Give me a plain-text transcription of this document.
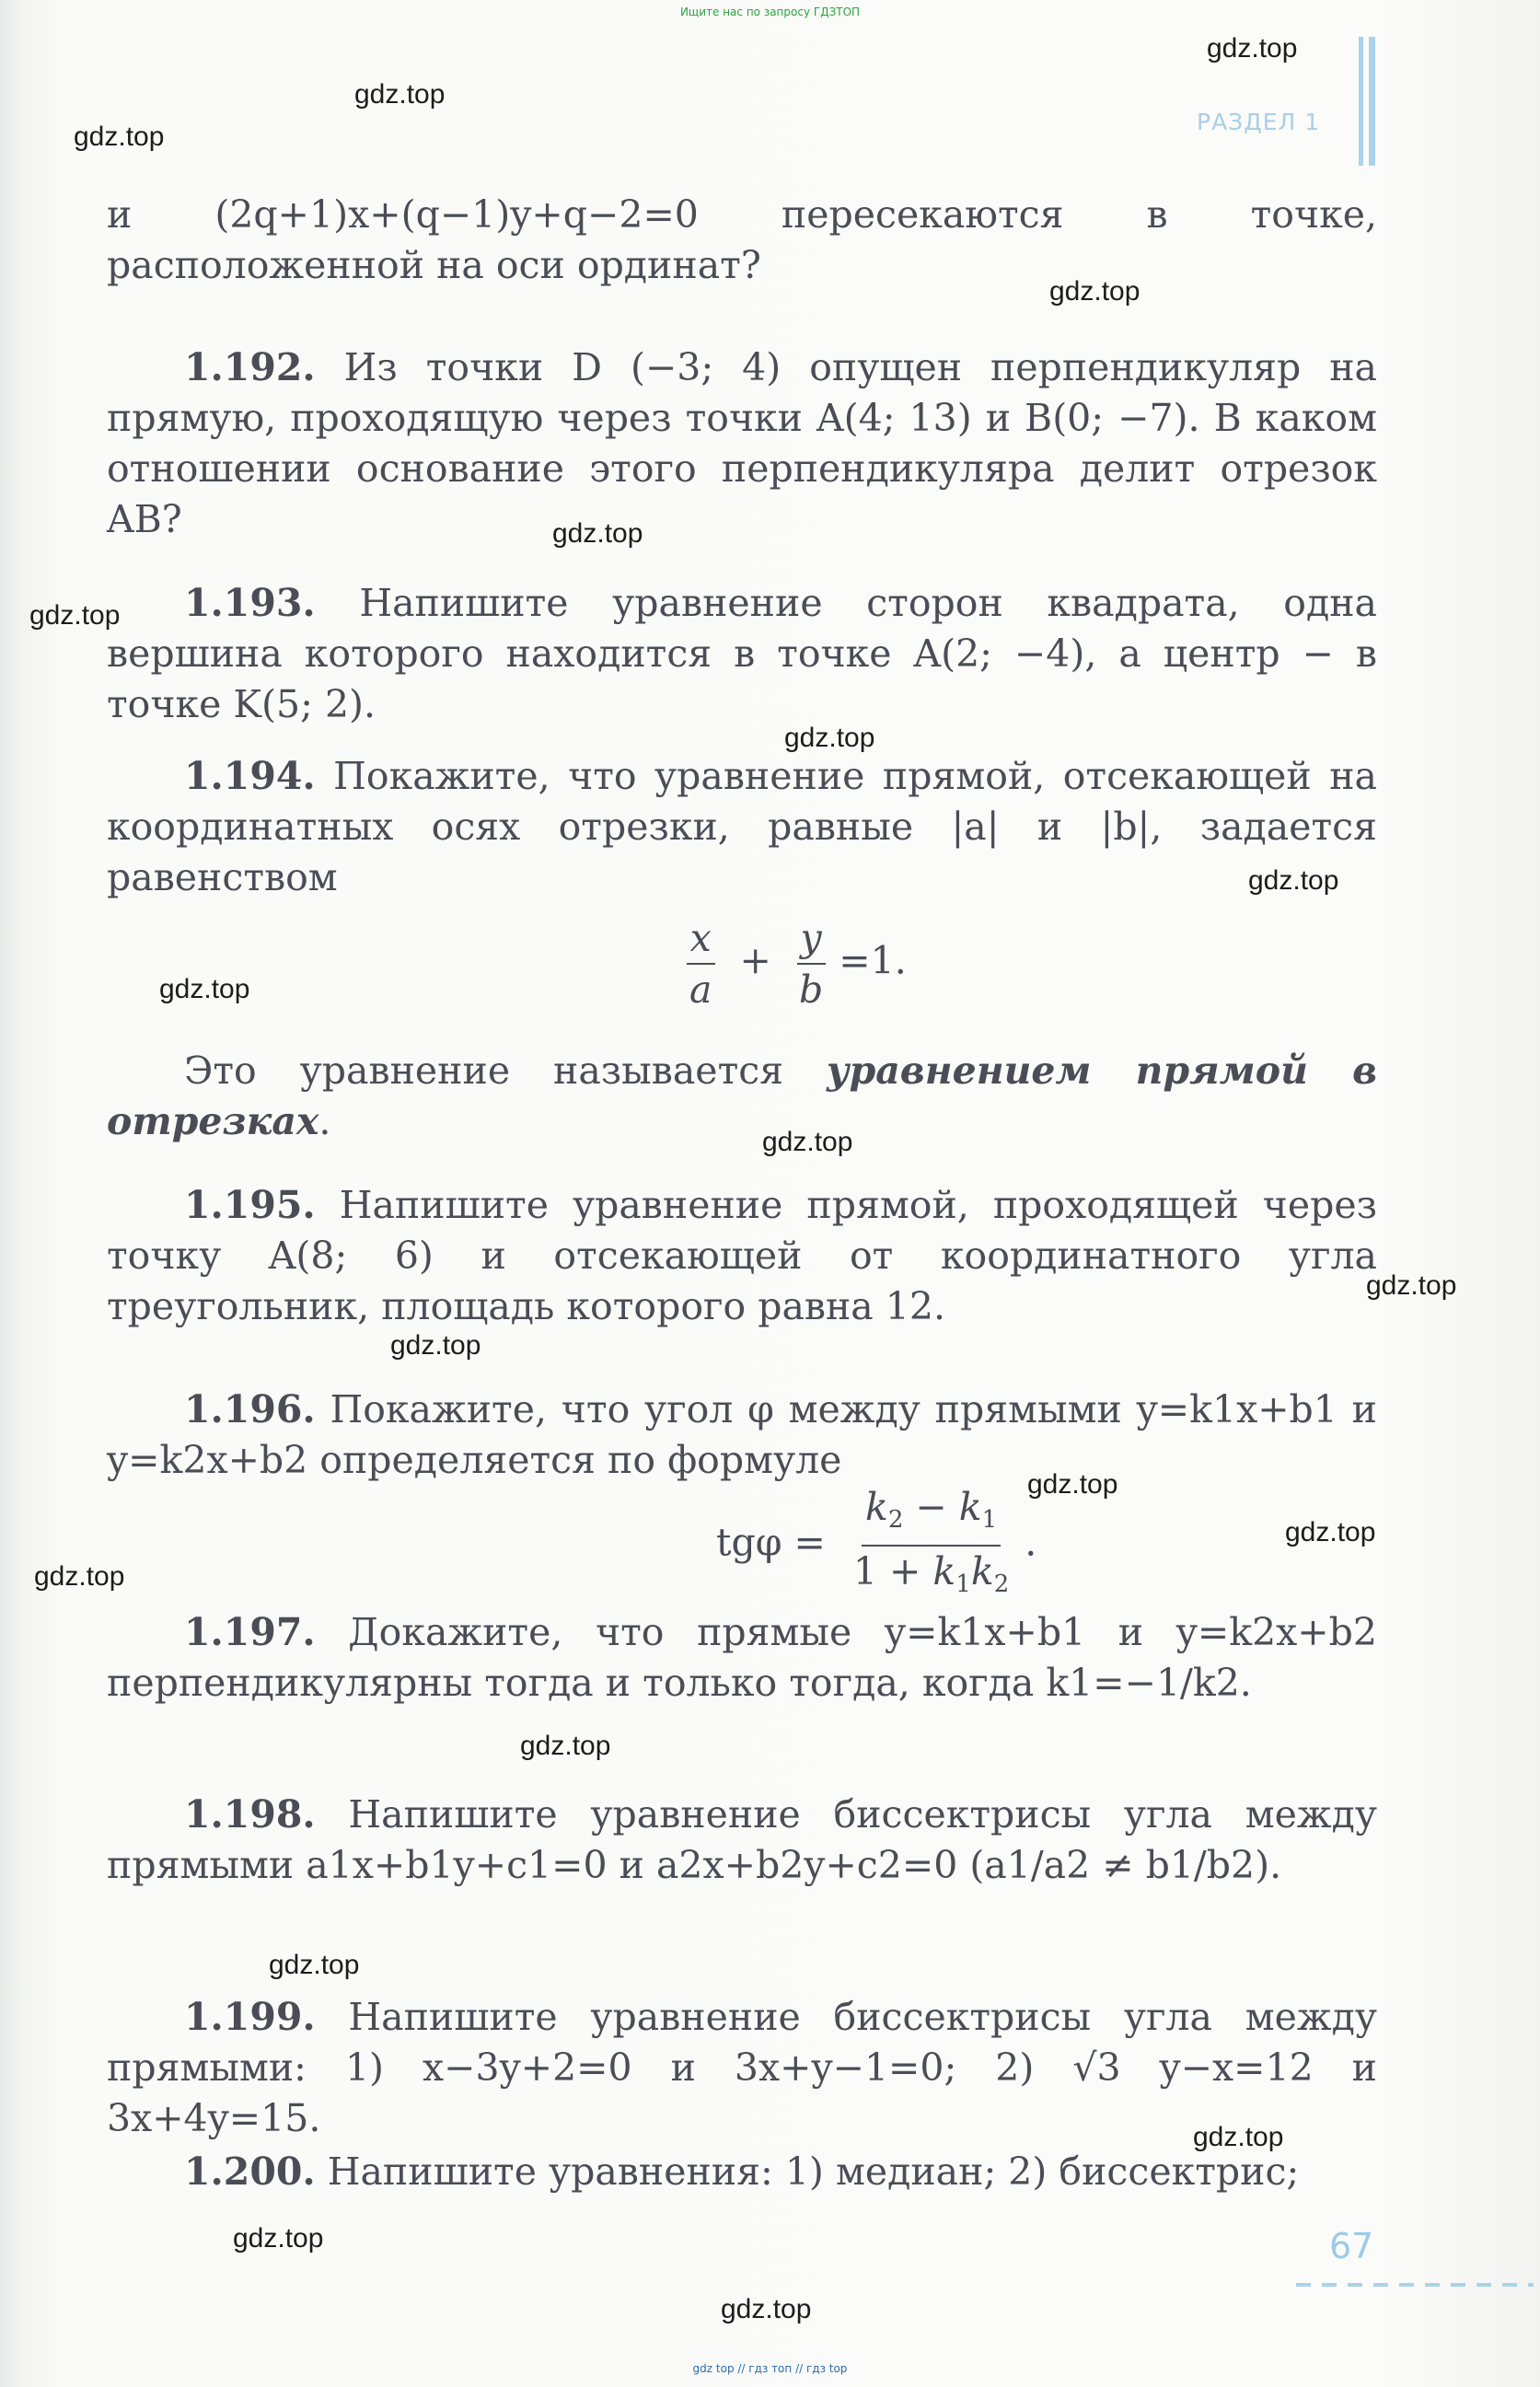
Ищите нас по запросу ГДЗТОП
РАЗДЕЛ 1
gdz.top
gdz.top
gdz.top
gdz.top
gdz.top
gdz.top
gdz.top
gdz.top
gdz.top
gdz.top
gdz.top
gdz.top
gdz.top
gdz.top
gdz.top
gdz.top
gdz.top
gdz.top
gdz.top
gdz.top
и (2q+1)x+(q−1)y+q−2=0 пересекаются в точке, расположенной на оси ординат?
1.192. Из точки D (−3; 4) опущен перпендикуляр на прямую, проходящую через точки A(4; 13) и B(0; −7). В каком отношении основание этого перпендикуляра делит отрезок AB?
1.193. Напишите уравнение сторон квадрата, одна вершина которого находится в точке A(2; −4), а центр − в точке K(5; 2).
1.194. Покажите, что уравнение прямой, отсекающей на координатных осях отрезки, равные |a| и |b|, задается равенством
$\frac{x}{a} + \frac{y}{b} =1$.
Это уравнение называется уравнением прямой в отрезках.
1.195. Напишите уравнение прямой, проходящей через точку A(8; 6) и отсекающей от координатного угла треугольник, площадь которого равна 12.
1.196. Покажите, что угол φ между прямыми y=k1x+b1 и y=k2x+b2 определяется по формуле
$tg\varphi = \frac{k_2 - k_1}{1 + k_1k_2}$ .
1.197. Докажите, что прямые y=k1x+b1 и y=k2x+b2 перпендикулярны тогда и только тогда, когда k1=−1/k2.
1.198. Напишите уравнение биссектрисы угла между прямыми a1x+b1y+c1=0 и a2x+b2y+c2=0 (a1/a2 ≠ b1/b2).
1.199. Напишите уравнение биссектрисы угла между прямыми: 1) x−3y+2=0 и 3x+y−1=0; 2) √3 y−x=12 и 3x+4y=15.
1.200. Напишите уравнения: 1) медиан; 2) биссектрис;
67
gdz top // гдз топ // гдз top
